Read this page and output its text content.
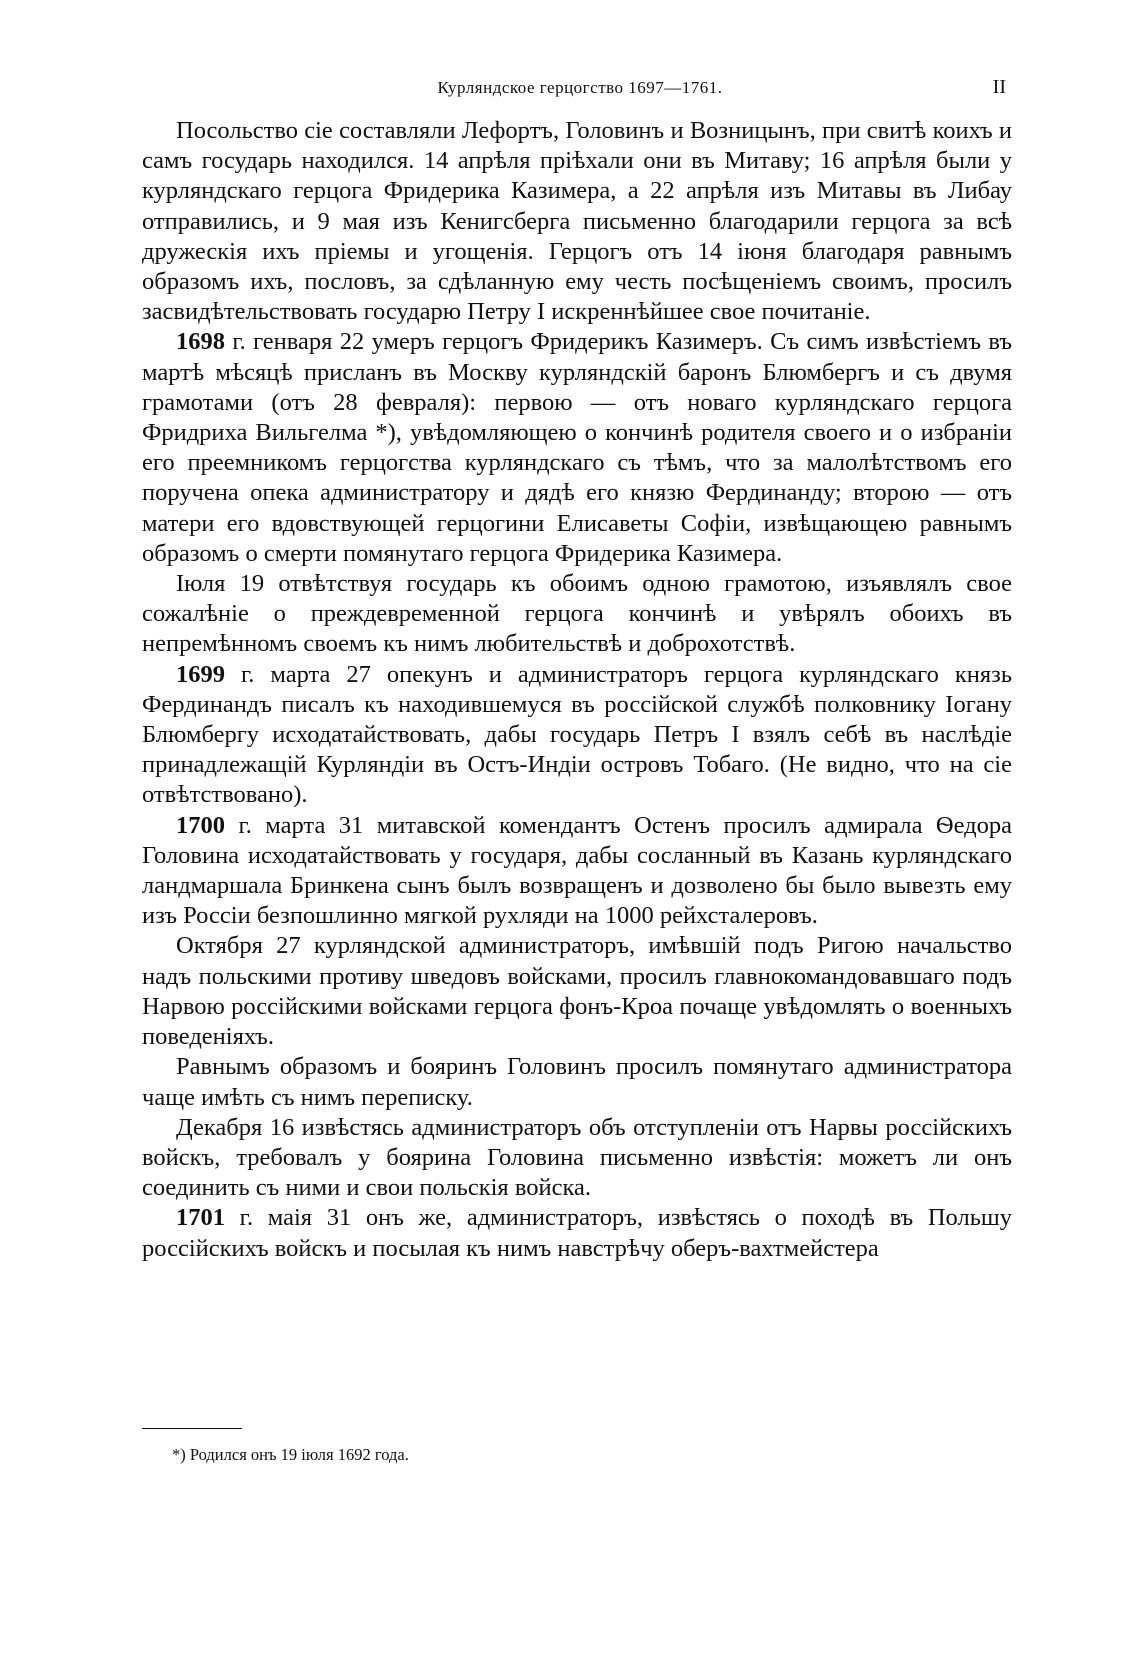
Курляндское герцогство 1697—1761.	II

Посольство сіе составляли Лефортъ, Головинъ и Возницынъ, при свитѣ коихъ и самъ государь находился. 14 апрѣля пріѣхали они въ Митаву; 16 апрѣля были у курляндскаго герцога Фридерика Казимера, а 22 апрѣля изъ Митавы въ Либау отправились, и 9 мая изъ Кенигсберга письменно благодарили герцога за всѣ дружескія ихъ пріемы и угощенія. Герцогъ отъ 14 іюня благодаря равнымъ образомъ ихъ, пословъ, за сдѣланную ему честь посѣщеніемъ своимъ, просилъ засвидѣтельствовать государю Петру I искреннѣйшее свое почитаніе.

1698 г. генваря 22 умеръ герцогъ Фридерикъ Казимеръ. Съ симъ извѣстіемъ въ мартѣ мѣсяцѣ присланъ въ Москву курляндскій баронъ Блюмбергъ и съ двумя грамотами (отъ 28 февраля): первою — отъ новаго курляндскаго герцога Фридриха Вильгелма *), увѣдомляющею о кончинѣ родителя своего и о избраніи его преемникомъ герцогства курляндскаго съ тѣмъ, что за малолѣтствомъ его поручена опека администратору и дядѣ его князю Фердинанду; второю — отъ матери его вдовствующей герцогини Елисаветы Софіи, извѣщающею равнымъ образомъ о смерти помянутаго герцога Фридерика Казимера.

Іюля 19 отвѣтствуя государь къ обоимъ одною грамотою, изъявлялъ свое сожалѣніе о преждевременной герцога кончинѣ и увѣрялъ обоихъ въ непремѣнномъ своемъ къ нимъ любительствѣ и доброхотствѣ.

1699 г. марта 27 опекунъ и администраторъ герцога курляндскаго князь Фердинандъ писалъ къ находившемуся въ россійской службѣ полковнику Іогану Блюмбергу исходатайствовать, дабы государь Петръ I взялъ себѣ въ наслѣдіе принадлежащій Курляндіи въ Остъ-Индіи островъ Тобаго. (Не видно, что на сіе отвѣтствовано).

1700 г. марта 31 митавской комендантъ Остенъ просилъ адмирала Ѳедора Головина исходатайствовать у государя, дабы сосланный въ Казань курляндскаго ландмаршала Бринкена сынъ былъ возвращенъ и дозволено бы было вывезть ему изъ Россіи безпошлинно мягкой рухляди на 1000 рейхсталеровъ.

Октября 27 курляндской администраторъ, имѣвшій подъ Ригою начальство надъ польскими противу шведовъ войсками, просилъ главнокомандовавшаго подъ Нарвою россійскими войсками герцога фонъ-Кроа почаще увѣдомлять о военныхъ поведеніяхъ.

Равнымъ образомъ и бояринъ Головинъ просилъ помянутаго администратора чаще имѣть съ нимъ переписку.

Декабря 16 извѣстясь администраторъ объ отступленіи отъ Нарвы россійскихъ войскъ, требовалъ у боярина Головина письменно извѣстія: можетъ ли онъ соединить съ ними и свои польскія войска.

1701 г. маія 31 онъ же, администраторъ, извѣстясь о походѣ въ Польшу россійскихъ войскъ и посылая къ нимъ навстрѣчу оберъ-вахтмейстера

*) Родился онъ 19 іюля 1692 года.
